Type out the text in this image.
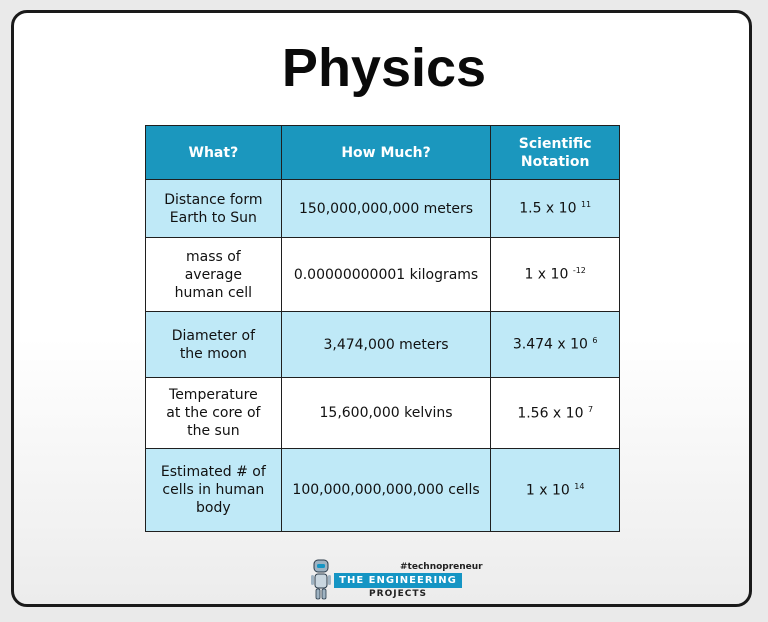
Physics
What?	How Much?	Scientific
Notation

Distance form
Earth to Sun	150,000,000,000 meters	1.5 x 10 $^{11}$

mass of
average
human cell	0.00000000001 kilograms	1 x 10 $^{-12}$

Diameter of
the moon	3,474,000 meters	3.474 x 10 $^6$

Temperature
at the core of
the sun	15,600,000 kelvins	1.56 x 10 $^7$

Estimated # of
cells in human
body	100,000,000,000,000 cells	1 x 10 $^{14}$
#technopreneur
THE ENGINEERING
PROJECTS
